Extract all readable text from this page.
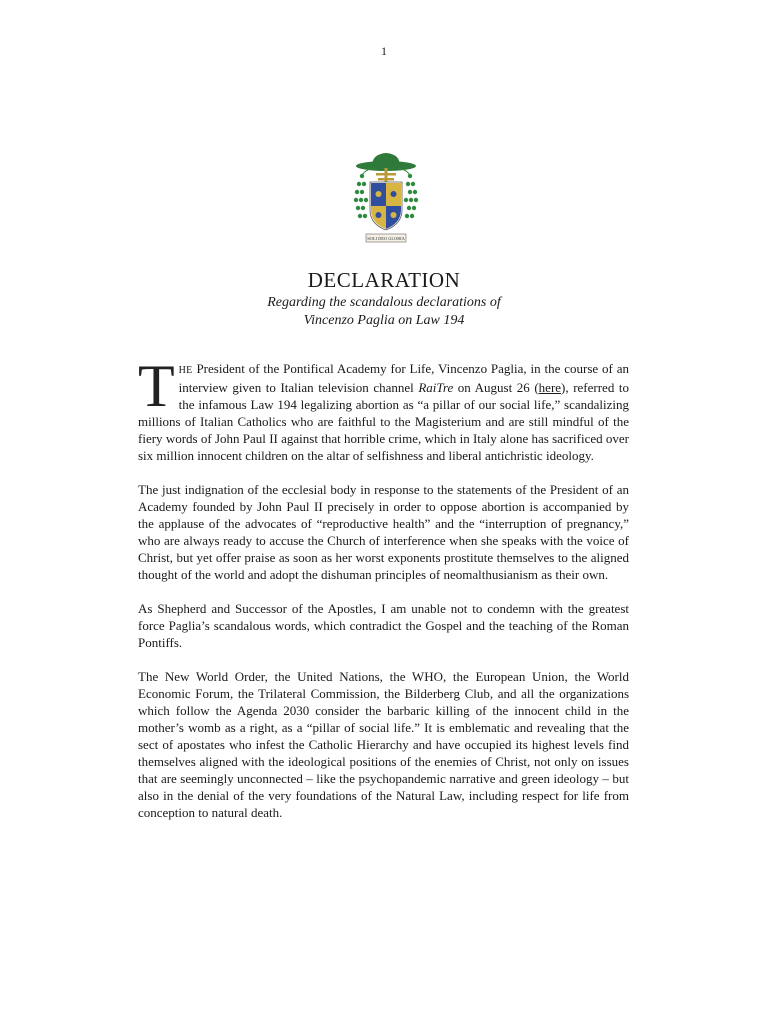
1
SOLI DEO GLORIA
DECLARATION
Regarding the scandalous declarations of
Vincenzo Paglia on Law 194

THE President of the Pontifical Academy for Life, Vincenzo Paglia, in the course of an interview given to Italian television channel RaiTre on August 26 (here), referred to the infamous Law 194 legalizing abortion as “a pillar of our social life,” scandalizing millions of Italian Catholics who are faithful to the Magisterium and are still mindful of the fiery words of John Paul II against that horrible crime, which in Italy alone has sacrificed over six million innocent children on the altar of selfishness and liberal antichristic ideology.

The just indignation of the ecclesial body in response to the statements of the President of an Academy founded by John Paul II precisely in order to oppose abortion is accompanied by the applause of the advocates of “reproductive health” and the “interruption of pregnancy,” who are always ready to accuse the Church of interference when she speaks with the voice of Christ, but yet offer praise as soon as her worst exponents prostitute themselves to the aligned thought of the world and adopt the dishuman principles of neomalthusianism as their own.

As Shepherd and Successor of the Apostles, I am unable not to condemn with the greatest force Paglia’s scandalous words, which contradict the Gospel and the teaching of the Roman Pontiffs.

The New World Order, the United Nations, the WHO, the European Union, the World Economic Forum, the Trilateral Commission, the Bilderberg Club, and all the organizations which follow the Agenda 2030 consider the barbaric killing of the innocent child in the mother’s womb as a right, as a “pillar of social life.” It is emblematic and revealing that the sect of apostates who infest the Catholic Hierarchy and have occupied its highest levels find themselves aligned with the ideological positions of the enemies of Christ, not only on issues that are seemingly unconnected – like the psychopandemic narrative and green ideology – but also in the denial of the very foundations of the Natural Law, including respect for life from conception to natural death.
